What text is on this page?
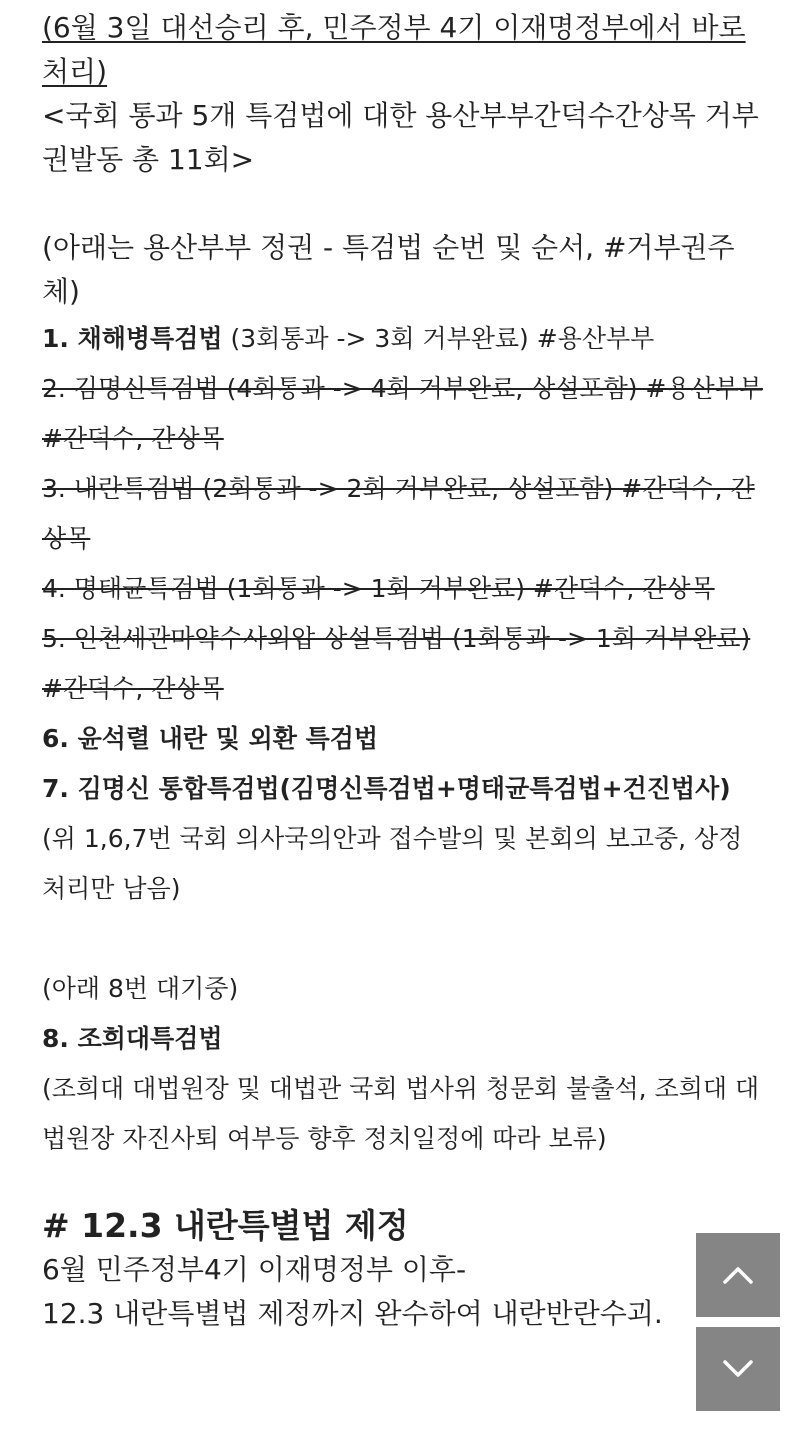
(6월 3일 대선승리 후, 민주정부 4기 이재명정부에서 바로 처리)

<국회 통과 5개 특검법에 대한 용산부부간덕수간상목 거부권발동 총 11회>

(아래는 용산부부 정권 - 특검법 순번 및 순서, #거부권주체)

1. 채해병특검법 (3회통과 -> 3회 거부완료) #용산부부

2. 김명신특검법 (4회통과 -> 4회 거부완료, 상설포함) #용산부부 #간덕수, 간상목

3. 내란특검법 (2회통과 -> 2회 거부완료, 상설포함) #간덕수, 간상목

4. 명태균특검법 (1회통과 -> 1회 거부완료) #간덕수, 간상목

5. 인천세관마약수사외압 상설특검법 (1회통과 -> 1회 거부완료) #간덕수, 간상목

6. 윤석렬 내란 및 외환 특검법

7. 김명신 통합특검법(김명신특검법+명태균특검법+건진법사)

(위 1,6,7번 국회 의사국의안과 접수발의 및 본회의 보고중, 상정처리만 남음)

(아래 8번 대기중)

8. 조희대특검법

(조희대 대법원장 및 대법관 국회 법사위 청문회 불출석, 조희대 대법원장 자진사퇴 여부등 향후 정치일정에 따라 보류)

# 12.3 내란특별법 제정

6월 민주정부4기 이재명정부 이후-

12.3 내란특별법 제정까지 완수하여 내란반란수괴.
